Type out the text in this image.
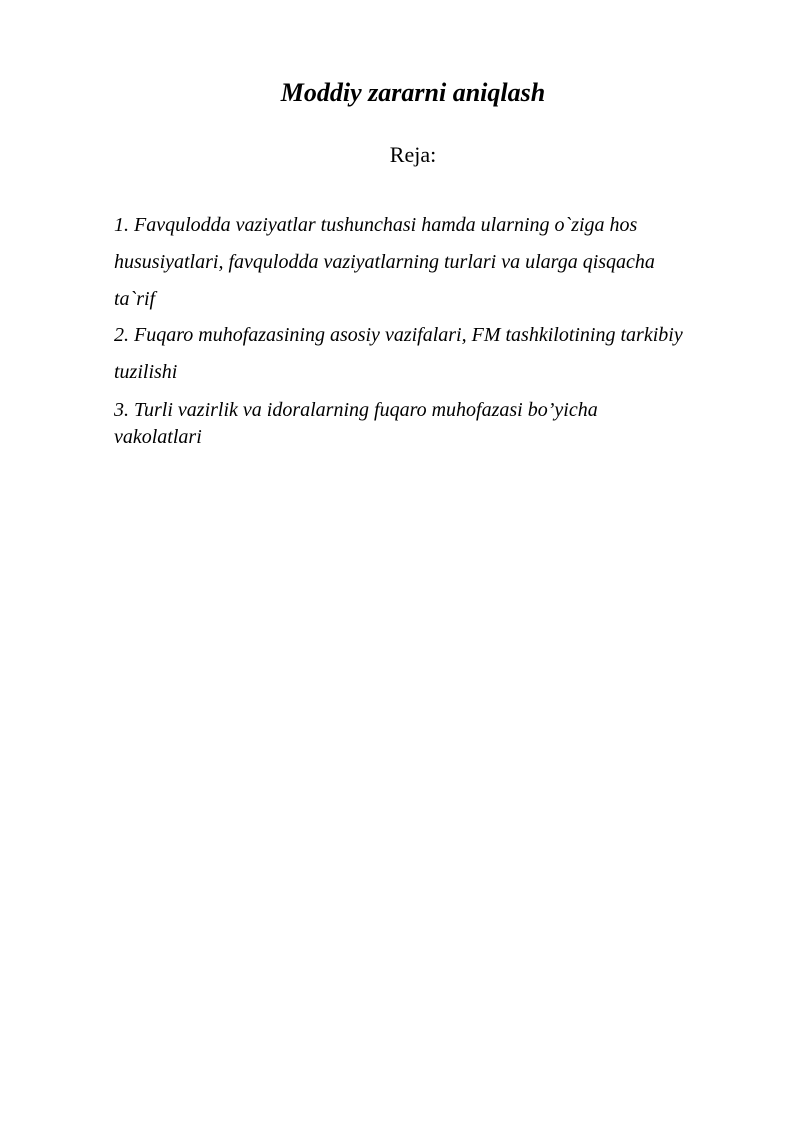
Moddiy zararni aniqlash
Reja:
1. Favqulodda vaziyatlar tushunchasi hamda ularning o`ziga hos
hususiyatlari, favqulodda vaziyatlarning turlari va ularga qisqacha
ta`rif
2. Fuqaro muhofazasining asosiy vazifalari, FM tashkilotining tarkibiy
tuzilishi
3. Turli vazirlik va idoralarning fuqaro muhofazasi bo’yicha
vakolatlari
